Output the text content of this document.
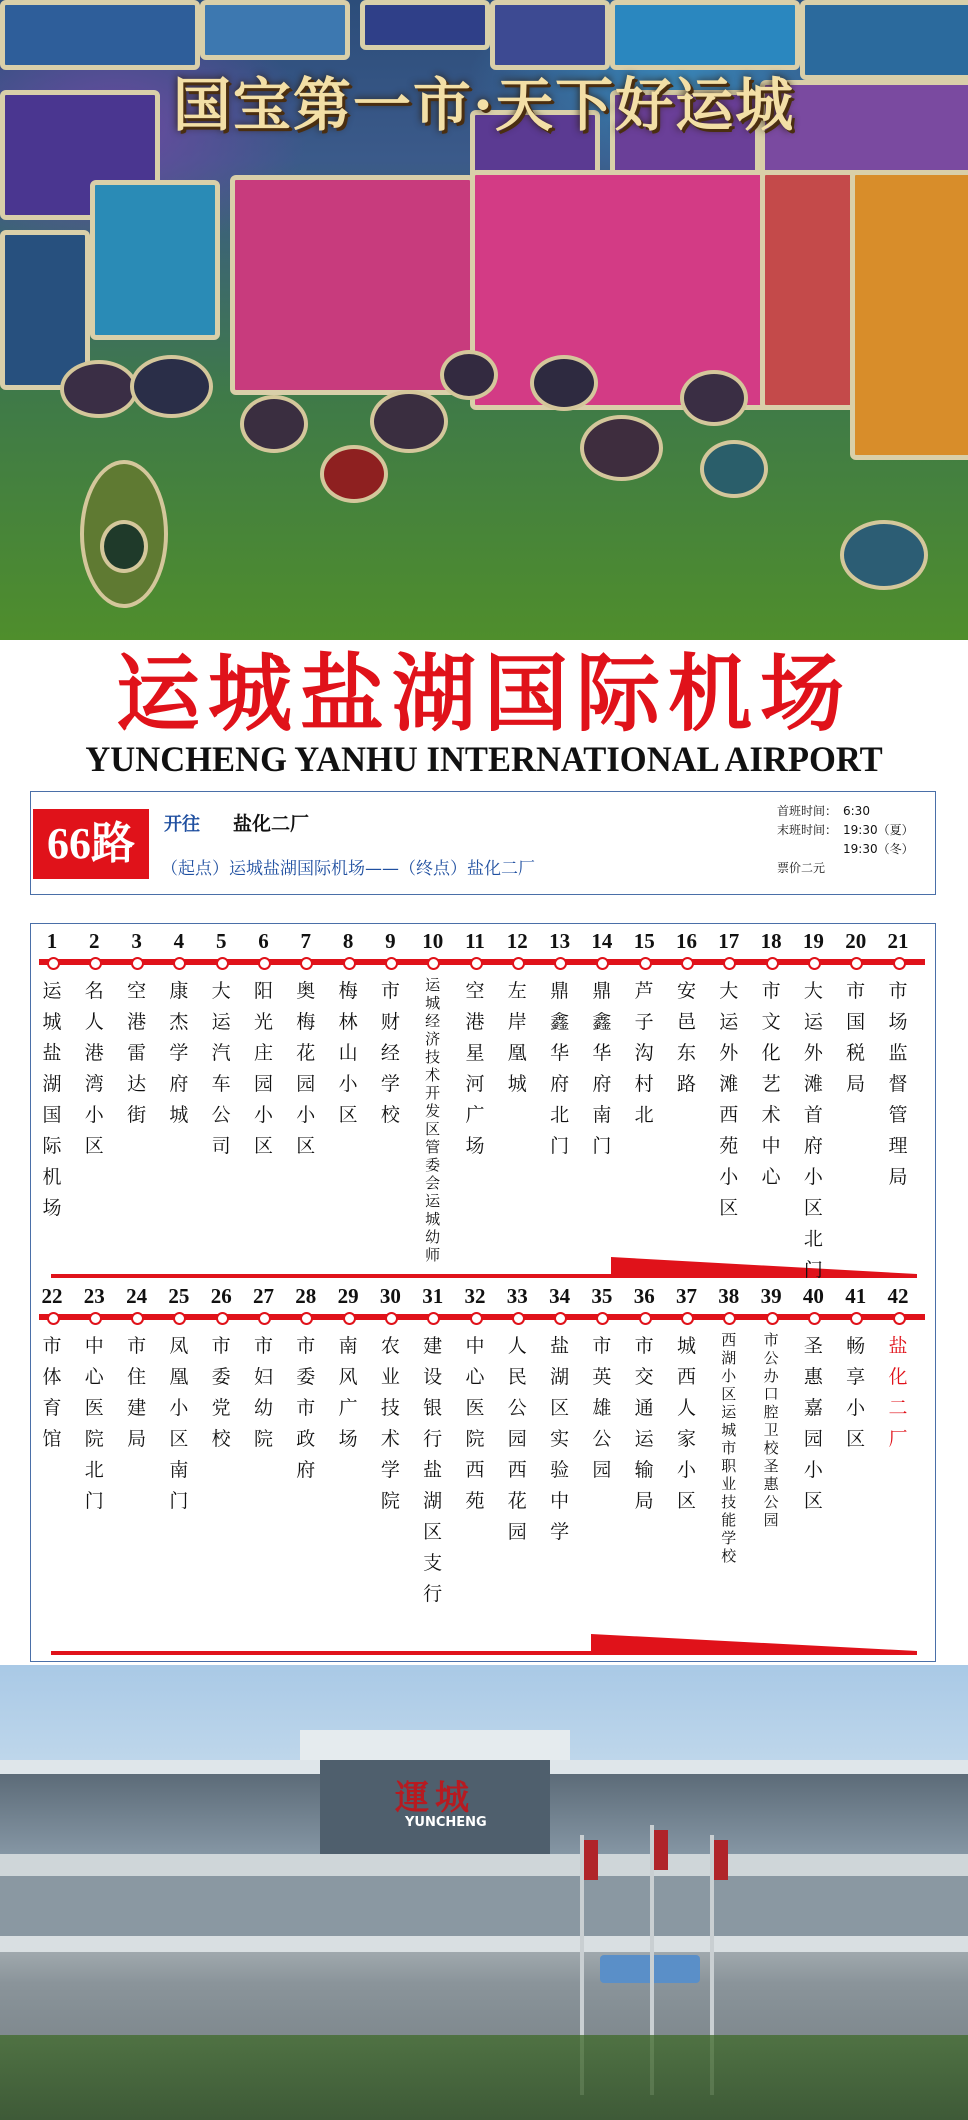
国宝第一市·天下好运城
运城盐湖国际机场
YUNCHENG YANHU INTERNATIONAL AIRPORT
66路	开往 盐化二厂
（起点）运城盐湖国际机场——（终点）盐化二厂
首班时间： 6:30
末班时间： 19:30（夏）
19:30（冬）
票价二元
1
运城盐湖国际机场
2
名人港湾小区
3
空港雷达街
4
康杰学府城
5
大运汽车公司
6
阳光庄园小区
7
奥梅花园小区
8
梅林山小区
9
市财经学校
10
运城经济技术开发区管委会运城幼师
11
空港星河广场
12
左岸凰城
13
鼎鑫华府北门
14
鼎鑫华府南门
15
芦子沟村北
16
安邑东路
17
大运外滩西苑小区
18
市文化艺术中心
19
大运外滩首府小区北门
20
市国税局
21
市场监督管理局
22
市体育馆
23
中心医院北门
24
市住建局
25
凤凰小区南门
26
市委党校
27
市妇幼院
28
市委市政府
29
南风广场
30
农业技术学院
31
建设银行盐湖区支行
32
中心医院西苑
33
人民公园西花园
34
盐湖区实验中学
35
市英雄公园
36
市交通运输局
37
城西人家小区
38
西湖小区运城市职业技能学校
39
市公办口腔卫校圣惠公园
40
圣惠嘉园小区
41
畅享小区
42
盐化二厂
運城
YUNCHENG
